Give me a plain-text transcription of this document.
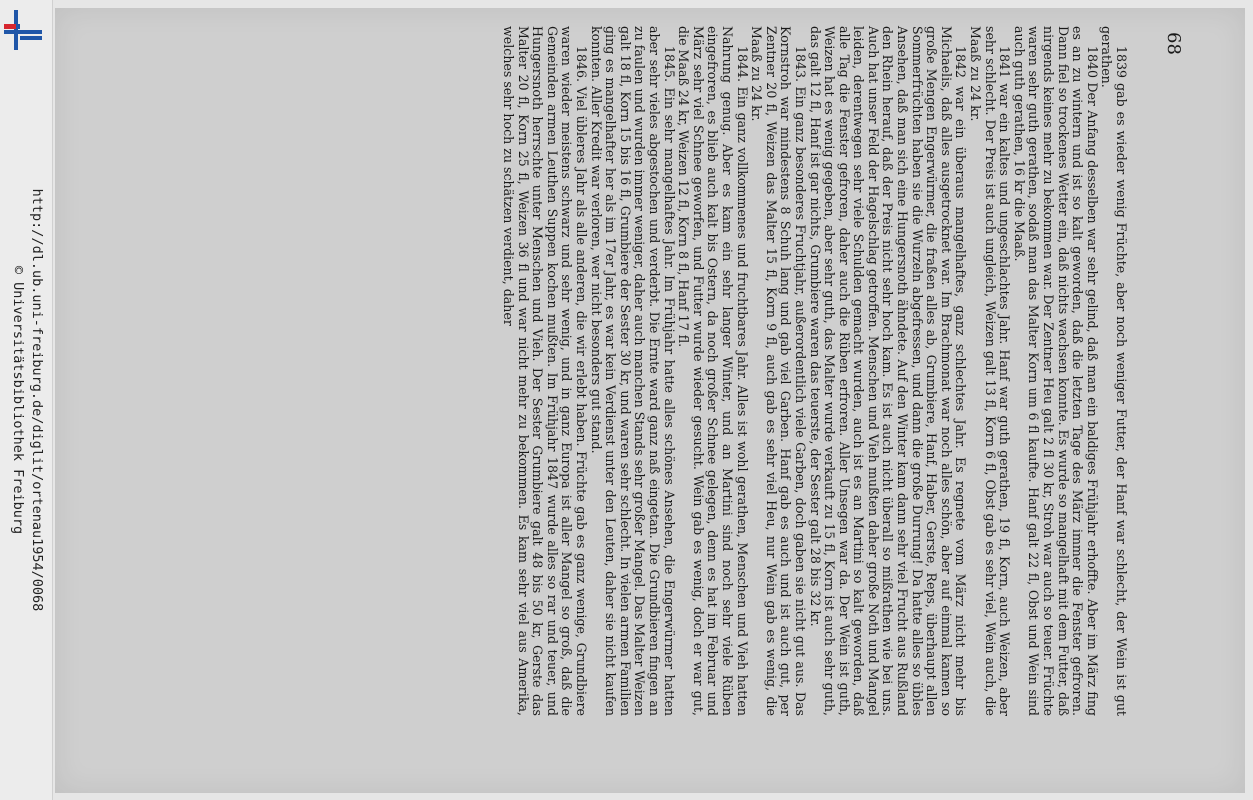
http://dl.ub.uni-freiburg.de/diglit/ortenau1954/0068
© Universitätsbibliothek Freiburg
68

1839 gab es wieder wenig Früchte, aber noch weniger Futter, der Hanf war schlecht, der Wein ist gut gerathen.

1840 Der Anfang desselben war sehr gelind, daß man ein baldiges Frühjahr erhoffte. Aber im März fing es an zu wintern und ist so kalt geworden, daß die letzten Tage des März immer die Fenster gefroren. Dann fiel so trockenes Wetter ein, daß nichts wachsen konnte. Es wurde so mangelhaft mit dem Futter, daß nirgends keines mehr zu bekommen war. Der Zentner Heu galt 2 fl 30 kr, Stroh war auch so teuer. Früchte waren sehr guth gerathen, sodaß man das Malter Korn um 6 fl kaufte. Hanf galt 22 fl, Obst und Wein sind auch guth gerathen, 16 kr die Maaß.

1841 war ein kaltes und ungeschlachtes Jahr. Hanf war guth gerathen, 19 fl, Korn, auch Weizen, aber sehr schlecht. Der Preis ist auch ungleich, Weizen galt 13 fl, Korn 6 fl, Obst gab es sehr viel, Wein auch, die Maaß zu 24 kr.

1842 war ein überaus mangelhaftes, ganz schlechtes Jahr. Es regnete vom März nicht mehr bis Michaelis, daß alles ausgetrocknet war. Im Brachmonat war noch alles schön, aber auf einmal kamen so große Mengen Engerwürmer, die fraßen alles ab, Grumbiere, Hanf, Haber, Gerste, Reps, überhaupt allen Sommerfrüchten haben sie die Wurzeln abgefressen, und dann die große Durrung! Da hatte alles so übles Ansehen, daß man sich eine Hungersnoth ähndete. Auf den Winter kam dann sehr viel Frucht aus Rußland den Rhein herauf, daß der Preis nicht sehr hoch kam. Es ist auch nicht überall so mißrathen wie bei uns. Auch hat unser Feld der Hagelschlag getroffen. Menschen und Vieh mußten daher große Noth und Mangel leiden, derentwegen sehr viele Schulden gemacht wurden, auch ist es an Martini so kalt geworden, daß alle Tag die Fenster gefroren, daher auch die Rüben erfroren. Aller Unsegen war da. Der Wein ist guth, Weizen hat es wenig gegeben, aber sehr guth, das Malter wurde verkauft zu 15 fl, Korn ist auch sehr guth, das galt 12 fl, Hanf ist gar nichts, Grumbiere waren das teuerste, der Sester galt 28 bis 32 kr.

1843. Ein ganz besonderes Fruchtjahr, außerordentlich viele Garben, doch gaben sie nicht gut aus. Das Kornstroh war mindestens 8 Schuh lang und gab viel Garben. Hanf gab es auch und ist auch gut, per Zentner 20 fl, Weizen das Malter 15 fl, Korn 9 fl, auch gab es sehr viel Heu, nur Wein gab es wenig, die Maaß zu 24 kr.

1844. Ein ganz vollkommenes und fruchtbares Jahr. Alles ist wohl gerathen, Menschen und Vieh hatten Nahrung genug. Aber es kam ein sehr langer Winter, und an Martini sind noch sehr viele Rüben eingefroren, es blieb auch kalt bis Ostern, da noch großer Schnee gelegen, denn es hat im Februar und März sehr viel Schnee geworfen, und Futter wurde wieder gesucht. Wein gab es wenig, doch er war gut, die Maaß 24 kr, Weizen 12 fl, Korn 8 fl, Hanf 17 fl.

1845. Ein sehr mangelhaftes Jahr. Im Frühjahr hatte alles schönes Ansehen, die Engerwürmer hatten aber sehr vieles abgestochen und verderbt. Die Ernte ward ganz naß eingetan. Die Grundbieren fingen an zu faulen und wurden immer weniger, daher auch manchen Stands sehr großer Mangel. Das Malter Weizen galt 18 fl, Korn 15 bis 16 fl, Grumbiere der Sester 30 kr, und waren sehr schlecht. In vielen armen Familien ging es mangelhafter her als im 17er Jahr, es war kein Verdienst unter den Leuten, daher sie nicht kaufen konnten. Aller Kredit war verloren, wer nicht besonders gut stand.

1846. Viel übleres Jahr als alle anderen, die wir erlebt haben. Früchte gab es ganz wenige, Grundbiere waren wieder meistens schwarz und sehr wenig, und in ganz Europa ist aller Mangel so groß, daß die Gemeinden armen Leuthen Suppen kochen mußten. Im Frühjahr 1847 wurde alles so rar und teuer, und Hungersnoth herrschte unter Menschen und Vieh. Der Sester Grumbiere galt 48 bis 50 kr, Gerste das Malter 20 fl, Korn 25 fl, Weizen 36 fl und war nicht mehr zu bekommen. Es kam sehr viel aus Amerika, welches sehr hoch zu schätzen verdient, daher
